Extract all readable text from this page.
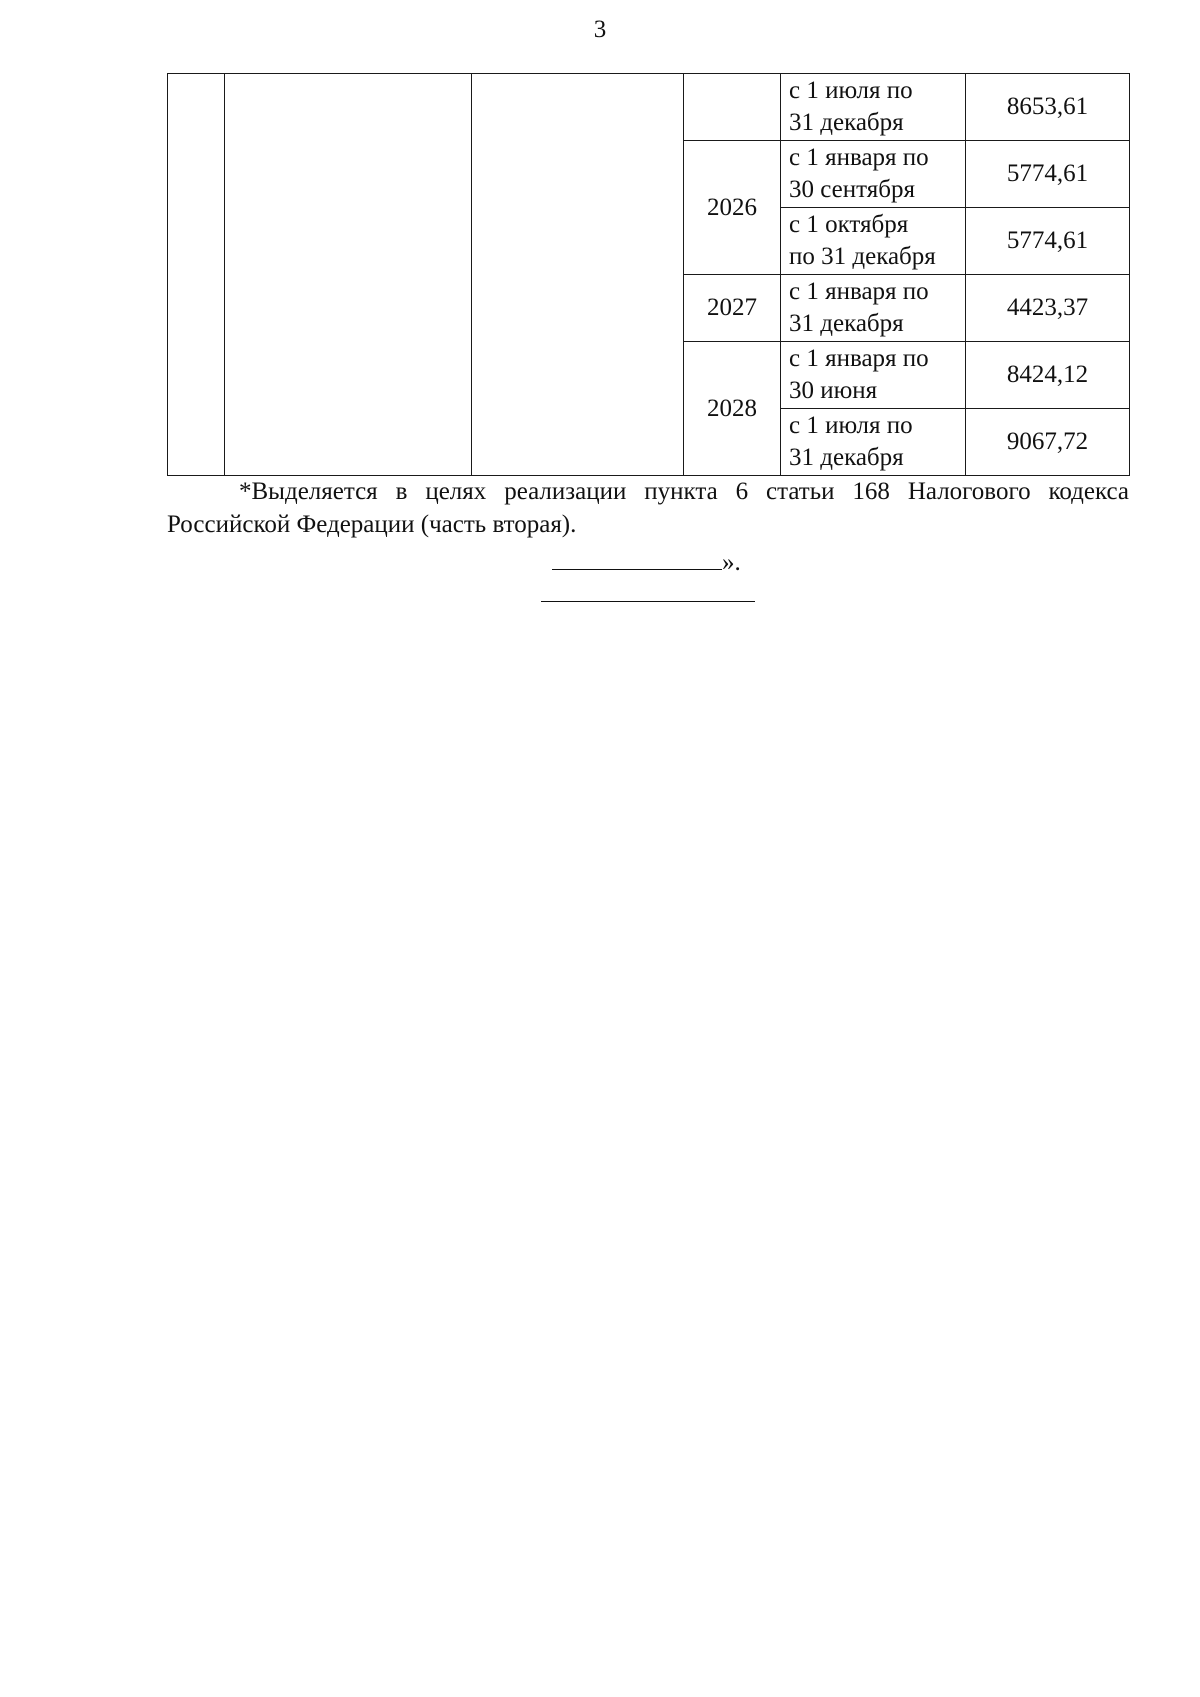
3

				с 1 июля по
31 декабря	8653,61
			2026	с 1 января по
30 сентября	5774,61

				с 1 октября
по 31 декабря	5774,61
			2027	с 1 января по
31 декабря	4423,37
			2028	с 1 января по
30 июня	8424,12

				с 1 июля по
31 декабря	9067,72

*Выделяется в целях реализации пункта 6 статьи 168 Налогового кодекса Российской Федерации (часть вторая).

».
